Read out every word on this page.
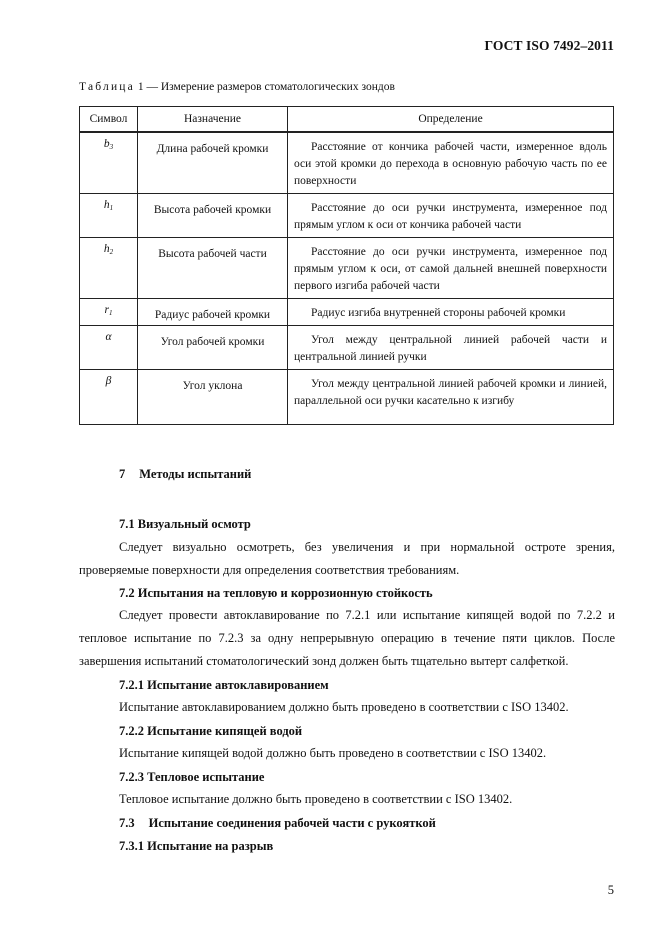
ГОСТ ISO 7492–2011
Таблица 1 — Измерение размеров стоматологических зондов
Символ	Назначение	Определение
$b_3$	Длина рабочей кромки	Расстояние от кончика рабочей части, измеренное вдоль оси этой кромки до перехода в основную рабочую часть по ее поверхности
$h_1$	Высота рабочей кромки	Расстояние до оси ручки инструмента, измеренное под прямым углом к оси от кончика рабочей части
$h_2$	Высота рабочей части	Расстояние до оси ручки инструмента, измеренное под прямым углом к оси, от самой дальней внешней поверхности первого изгиба рабочей части
$r_1$	Радиус рабочей кромки	Радиус изгиба внутренней стороны рабочей кромки
α	Угол рабочей кромки	Угол между центральной линией рабочей части и центральной линией ручки
β	Угол уклона	Угол между центральной линией рабочей кромки и линией, параллельной оси ручки касательно к изгибу
7 Методы испытаний
7.1 Визуальный осмотр
Следует визуально осмотреть, без увеличения и при нормальной остроте зрения, проверяемые поверхности для определения соответствия требованиям.
7.2 Испытания на тепловую и коррозионную стойкость
Следует провести автоклавирование по 7.2.1 или испытание кипящей водой по 7.2.2 и тепловое испытание по 7.2.3 за одну непрерывную операцию в течение пяти циклов. После завершения испытаний стоматологический зонд должен быть тщательно вытерт салфеткой.
7.2.1 Испытание автоклавированием
Испытание автоклавированием должно быть проведено в соответствии с ISO 13402.
7.2.2 Испытание кипящей водой
Испытание кипящей водой должно быть проведено в соответствии с ISO 13402.
7.2.3 Тепловое испытание
Тепловое испытание должно быть проведено в соответствии с ISO 13402.
7.3 Испытание соединения рабочей части с рукояткой
7.3.1 Испытание на разрыв
5
